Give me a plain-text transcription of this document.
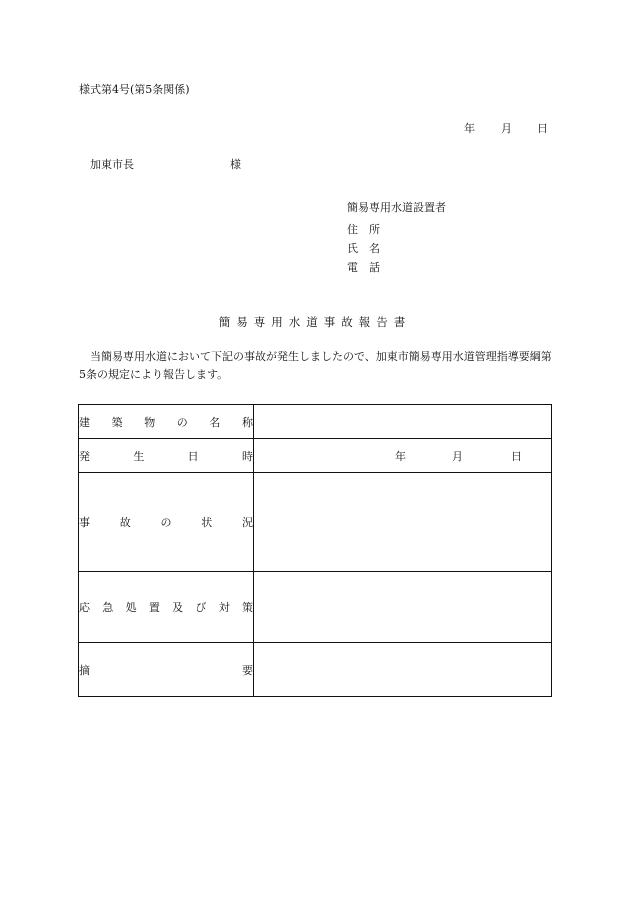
様式第4号(第5条関係)
年 月 日
加東市長	様
簡易専用水道設置者
住　所
氏　名
電　話
簡易専用水道事故報告書
当簡易専用水道において下記の事故が発生しましたので、加東市簡易専用水道管理指導要綱第5条の規定により報告します。
建築物の名称	
発生日時	年 月 日

事故の状況	
応急処置及び対策	
摘要	
